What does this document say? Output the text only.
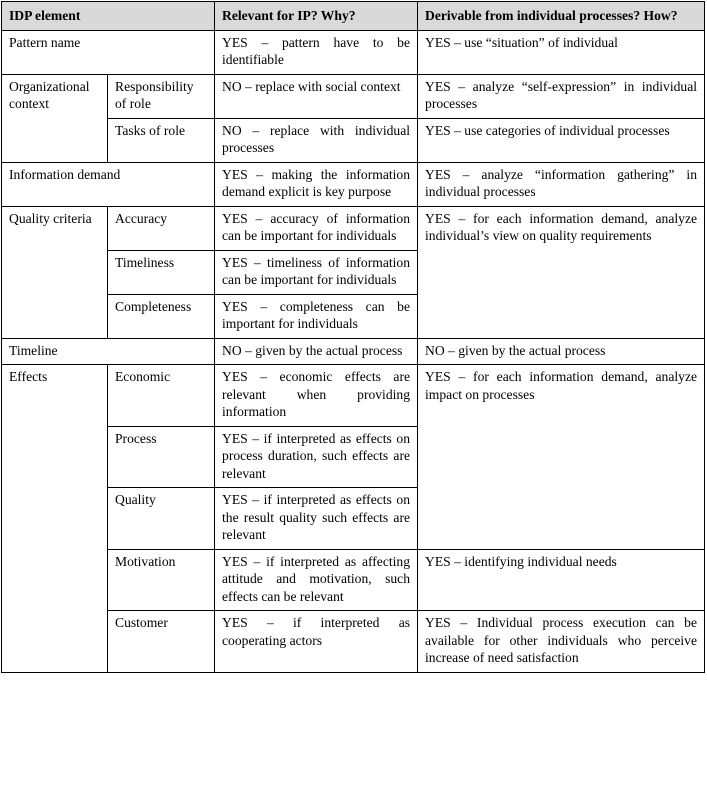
IDP element		Relevant for IP? Why?	Derivable from individual processes? How?
Pattern name		YES – pattern have to be identifiable	YES – use “situation” of individual
Organizational context	Responsibility of role	NO – replace with social context	YES – analyze “self-expression” in individual processes
	Tasks of role	NO – replace with individual processes	YES – use categories of individual processes
Information demand		YES – making the information demand explicit is key purpose	YES – analyze “information gathering” in individual processes
Quality criteria	Accuracy	YES – accuracy of information can be important for individuals	YES – for each information demand, analyze individual’s view on quality requirements
	Timeliness	YES – timeliness of information can be important for individuals	
	Completeness	YES – completeness can be important for individuals	
Timeline		NO – given by the actual process	NO – given by the actual process
Effects	Economic	YES – economic effects are relevant when providing information	YES – for each information demand, analyze impact on processes
	Process	YES – if interpreted as effects on process duration, such effects are relevant	
	Quality	YES – if interpreted as effects on the result quality such effects are relevant	
	Motivation	YES – if interpreted as affecting attitude and motivation, such effects can be relevant	YES – identifying individual needs
	Customer	YES – if interpreted as cooperating actors	YES – Individual process execution can be available for other individuals who perceive increase of need satisfaction
